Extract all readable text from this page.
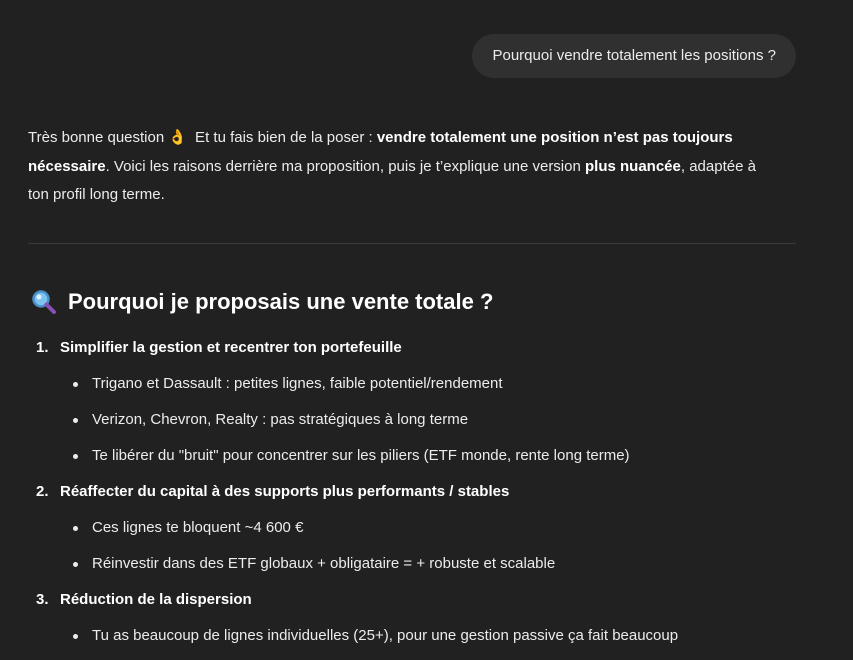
Pourquoi vendre totalement les positions ?
Très bonne question 👌 Et tu fais bien de la poser : vendre totalement une position n’est pas toujours nécessaire. Voici les raisons derrière ma proposition, puis je t’explique une version plus nuancée, adaptée à ton profil long terme.
Pourquoi je proposais une vente totale ?
1. Simplifier la gestion et recentrer ton portefeuille
Trigano et Dassault : petites lignes, faible potentiel/rendement
Verizon, Chevron, Realty : pas stratégiques à long terme
Te libérer du "bruit" pour concentrer sur les piliers (ETF monde, rente long terme)
2. Réaffecter du capital à des supports plus performants / stables
Ces lignes te bloquent ~4 600 €
Réinvestir dans des ETF globaux + obligataire = + robuste et scalable
3. Réduction de la dispersion
Tu as beaucoup de lignes individuelles (25+), pour une gestion passive ça fait beaucoup
